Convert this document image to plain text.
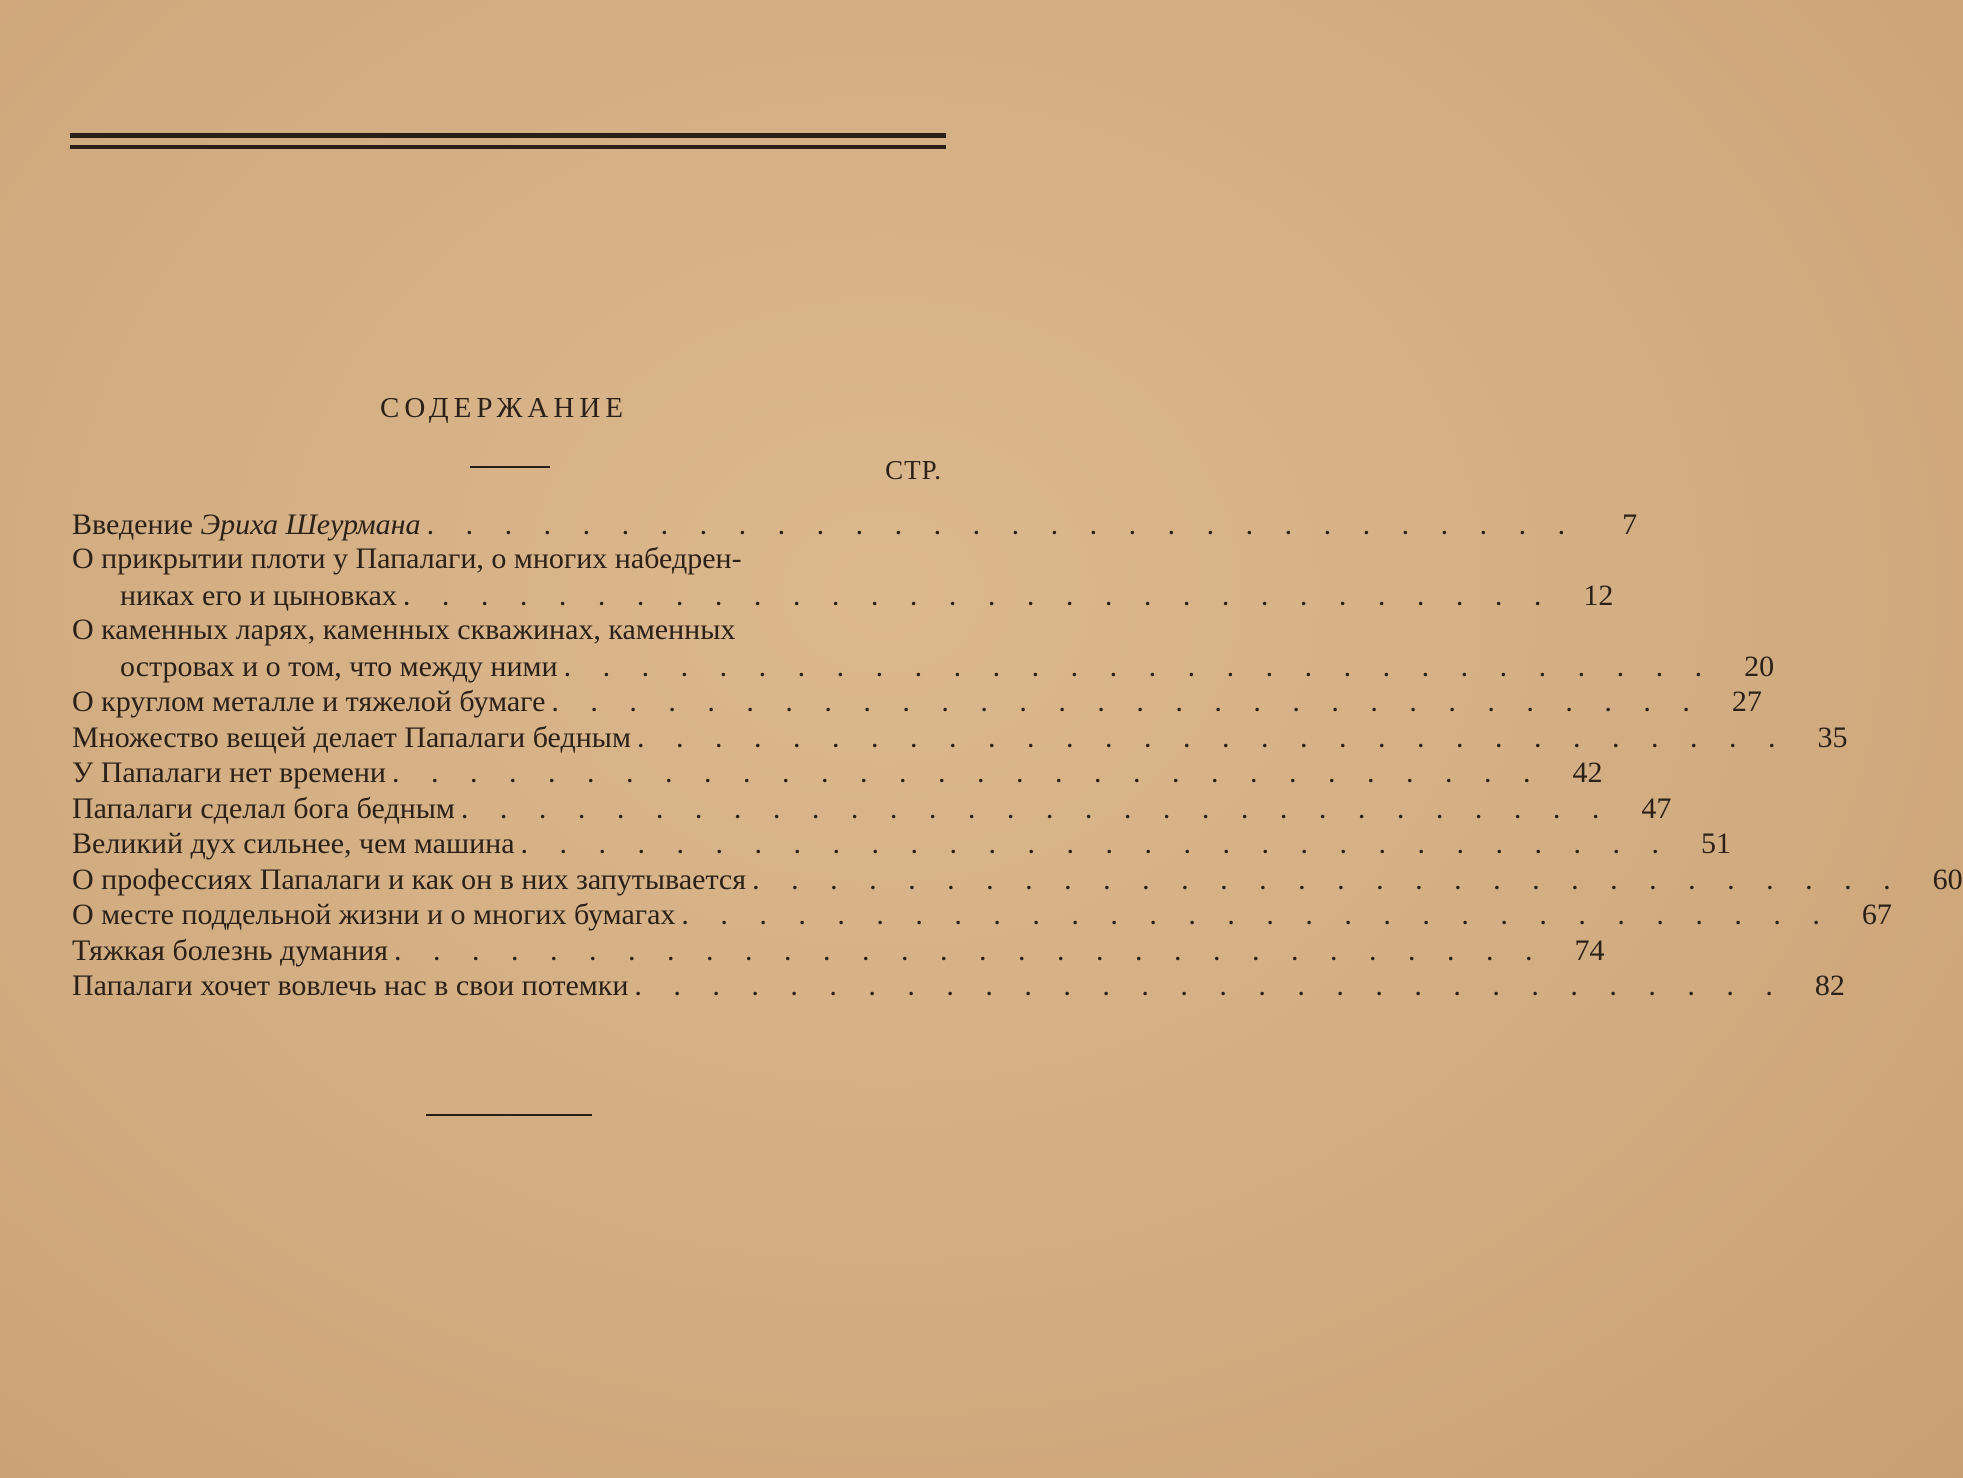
СОДЕРЖАНИЕ
СТР.
Введение Эриха Шеурмана . . . . . . . . . . . . . . . . . . . . . . . . . . . . . .	7
О прикрытии плоти у Папалаги, о многих набедрен-
никах его и цыновках . . . . . . . . . . . . . . . . . . . . . . . . . . . . . .	12
О каменных ларях, каменных скважинах, каменных
островах и о том, что между ними . . . . . . . . . . . . . . . . . . . . . . . . . . . . . .	20
О круглом металле и тяжелой бумаге . . . . . . . . . . . . . . . . . . . . . . . . . . . . . .	27
Множество вещей делает Папалаги бедным . . . . . . . . . . . . . . . . . . . . . . . . . . . . . .	35
У Папалаги нет времени . . . . . . . . . . . . . . . . . . . . . . . . . . . . . .	42
Папалаги сделал бога бедным . . . . . . . . . . . . . . . . . . . . . . . . . . . . . .	47
Великий дух сильнее, чем машина . . . . . . . . . . . . . . . . . . . . . . . . . . . . . .	51
О профессиях Папалаги и как он в них запутывается . . . . . . . . . . . . . . . . . . . . . . . . . . . . . .	60
О месте поддельной жизни и о многих бумагах . . . . . . . . . . . . . . . . . . . . . . . . . . . . . .	67
Тяжкая болезнь думания . . . . . . . . . . . . . . . . . . . . . . . . . . . . . .	74
Папалаги хочет вовлечь нас в свои потемки . . . . . . . . . . . . . . . . . . . . . . . . . . . . . .	82
